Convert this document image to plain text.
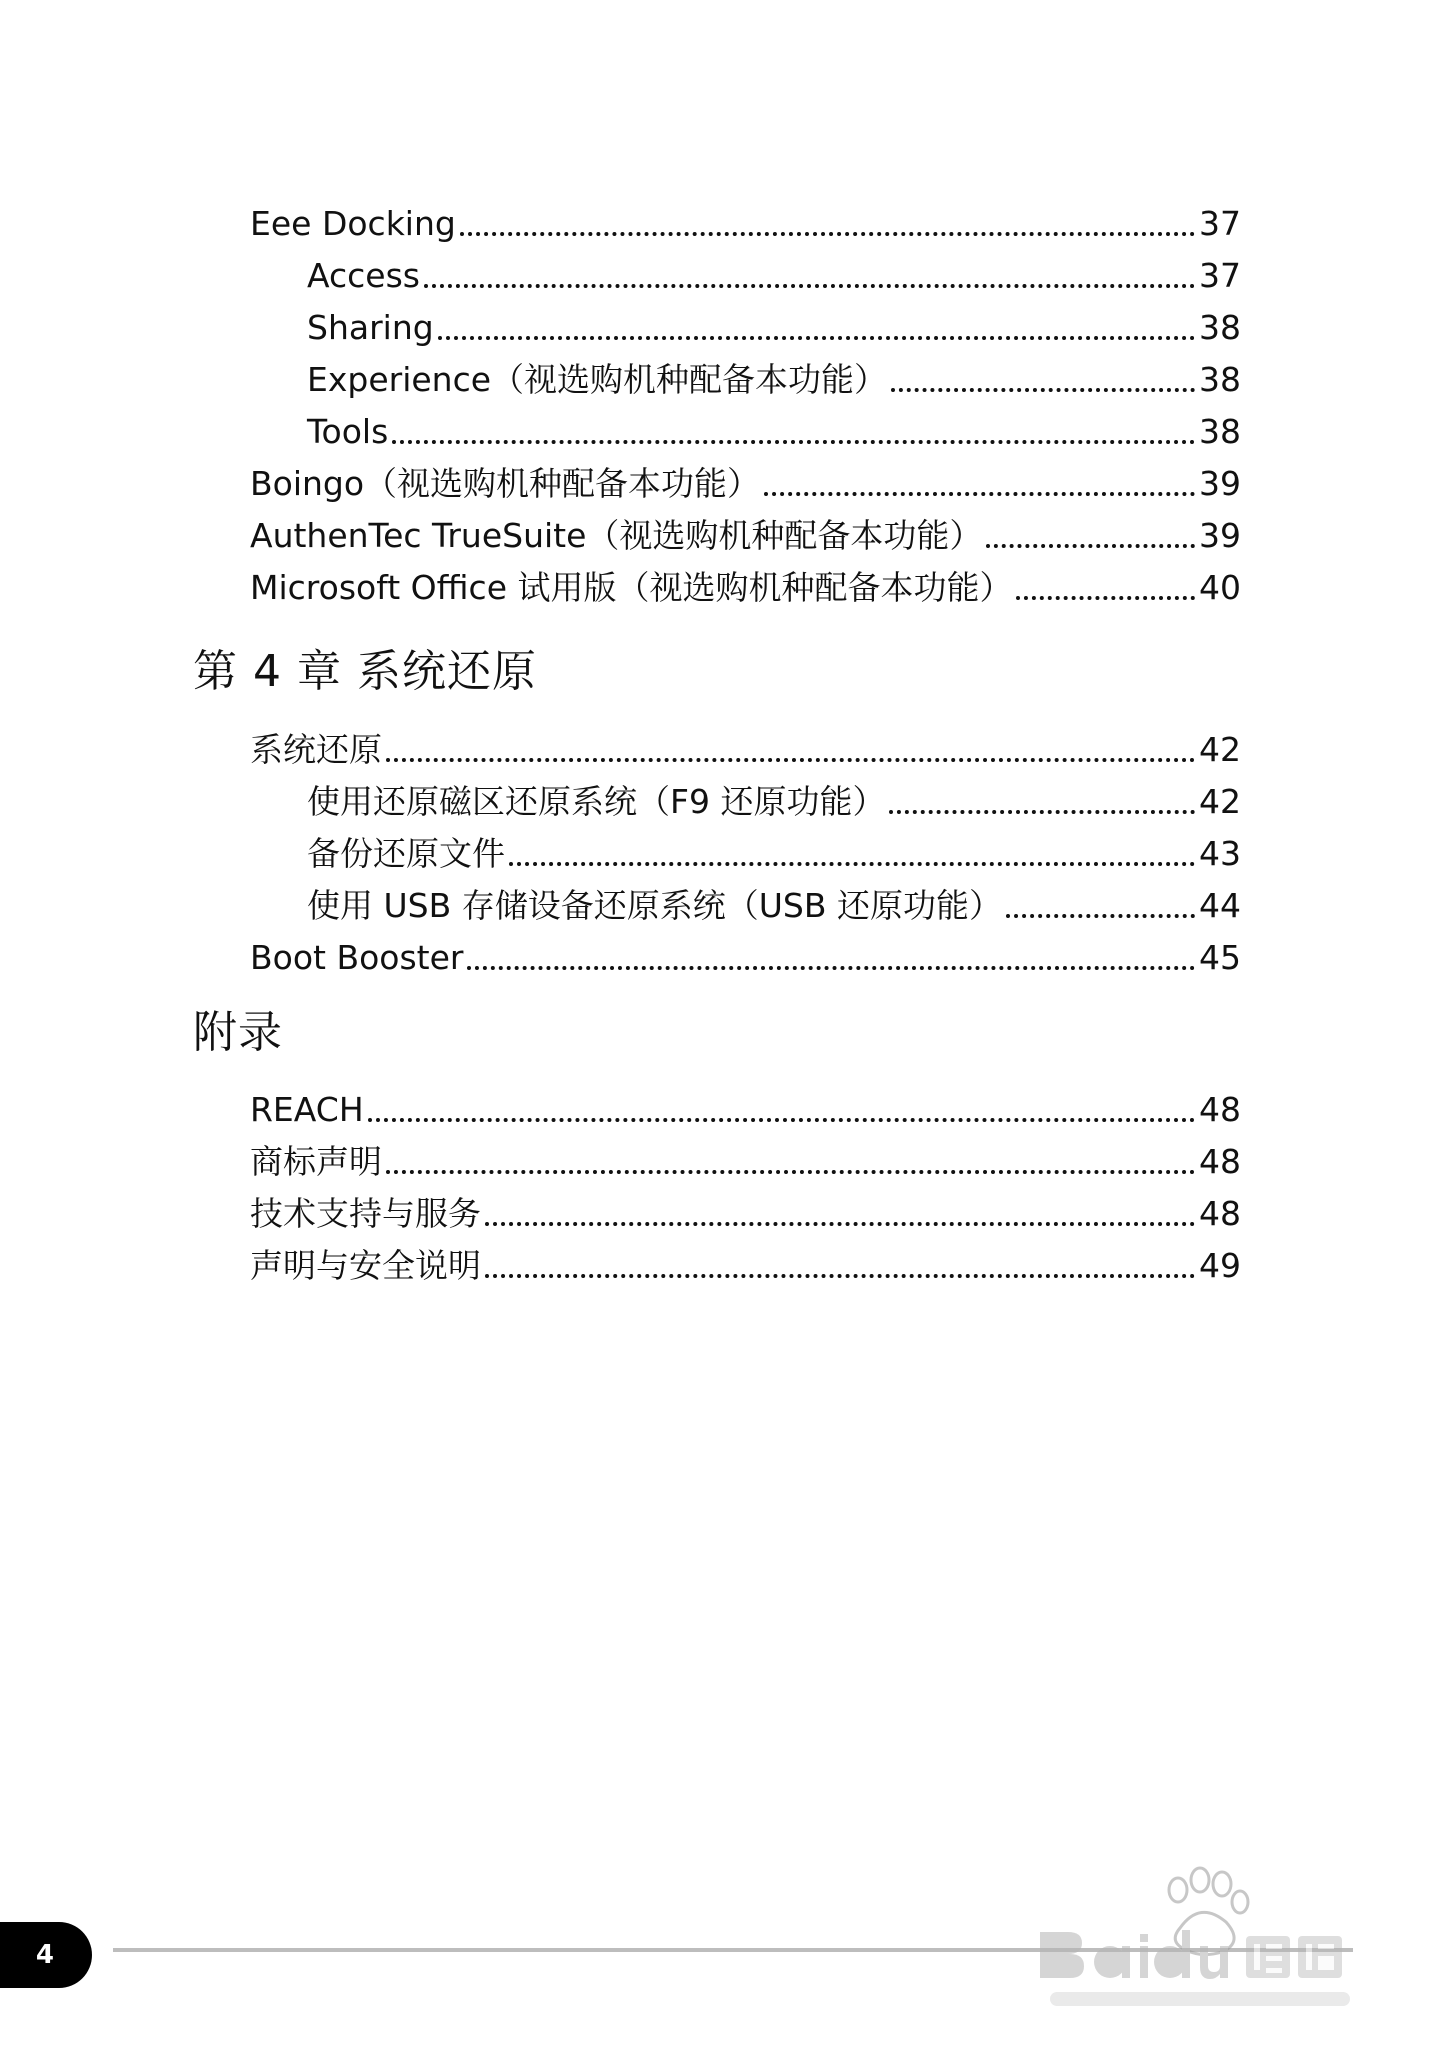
Eee Docking	37
Access	37
Sharing	38
Experience（视选购机种配备本功能）	38
Tools	38
Boingo（视选购机种配备本功能）	39
AuthenTec TrueSuite（视选购机种配备本功能）	39
Microsoft Office 试用版（视选购机种配备本功能）	40
第 4 章 系统还原
系统还原	42
使用还原磁区还原系统（F9 还原功能）	42
备份还原文件	43
使用 USB 存储设备还原系统（USB 还原功能）	44
Boot Booster	45
附录
REACH	48
商标声明	48
技术支持与服务	48
声明与安全说明	49
4
